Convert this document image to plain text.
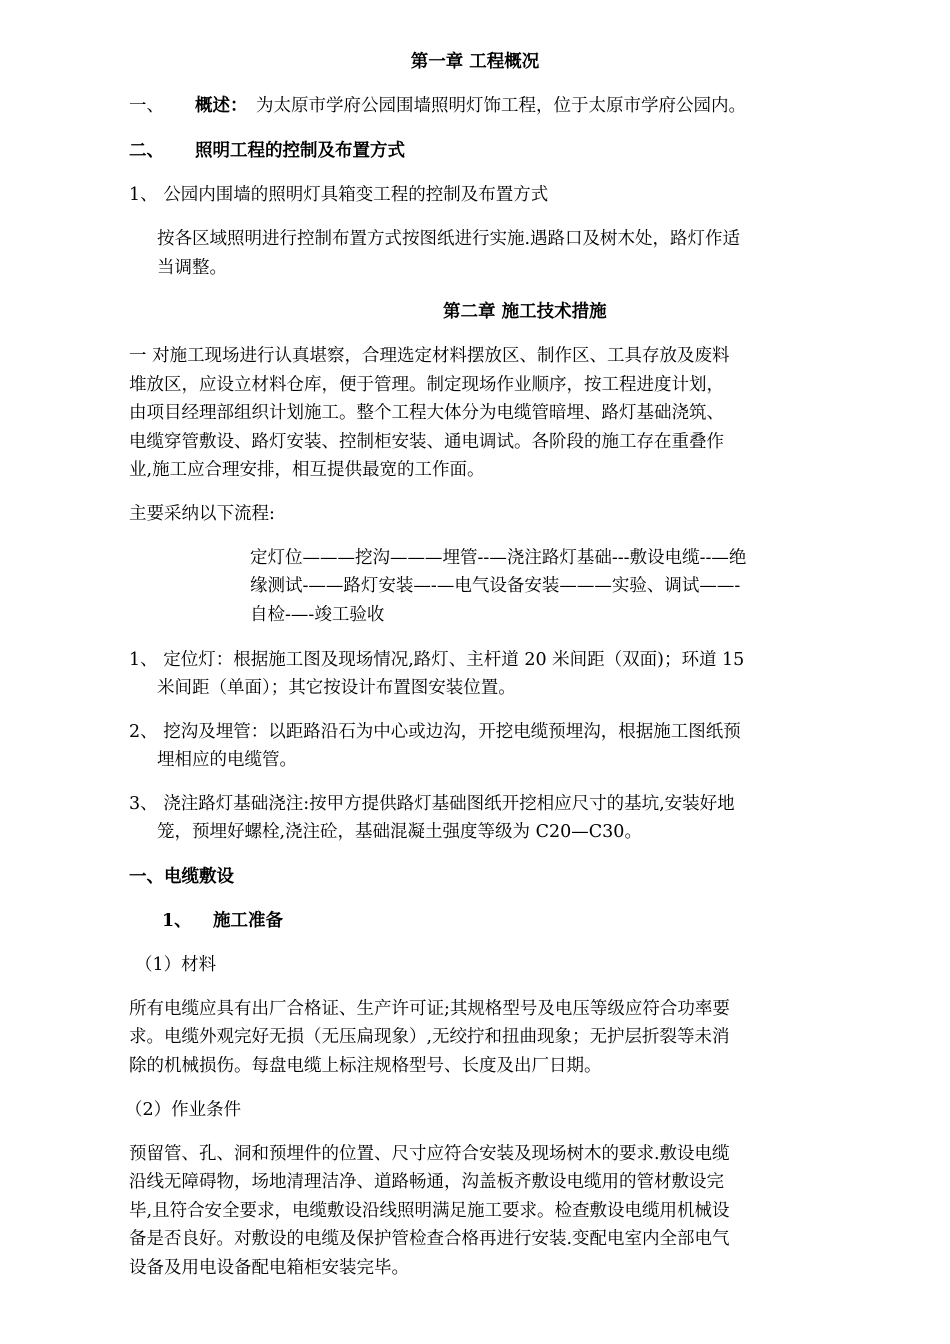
第一章 工程概况
一、 概述： 为太原市学府公园围墙照明灯饰工程，位于太原市学府公园内。
二、 照明工程的控制及布置方式
1、 公园内围墙的照明灯具箱变工程的控制及布置方式
按各区域照明进行控制布置方式按图纸进行实施.遇路口及树木处，路灯作适
当调整。
第二章 施工技术措施
一 对施工现场进行认真堪察，合理选定材料摆放区、制作区、工具存放及废料
堆放区，应设立材料仓库，便于管理。制定现场作业顺序，按工程进度计划，
由项目经理部组织计划施工。整个工程大体分为电缆管暗埋、路灯基础浇筑、
电缆穿管敷设、路灯安装、控制柜安装、通电调试。各阶段的施工存在重叠作
业,施工应合理安排，相互提供最宽的工作面。
主要采纳以下流程:
定灯位———挖沟———埋管--—浇注路灯基础---敷设电缆--—绝
缘测试-——路灯安装—-—电气设备安装———实验、调试——-
自检-—-竣工验收
1、 定位灯：根据施工图及现场情况,路灯、主杆道 20 米间距（双面)；环道 15
米间距（单面）；其它按设计布置图安装位置。
2、 挖沟及埋管：以距路沿石为中心或边沟，开挖电缆预埋沟，根据施工图纸预
埋相应的电缆管。
3、 浇注路灯基础浇注:按甲方提供路灯基础图纸开挖相应尺寸的基坑,安装好地
笼，预埋好螺栓,浇注砼，基础混凝土强度等级为 C20—C30。
一、电缆敷设
1、 施工准备
（1）材料
所有电缆应具有出厂合格证、生产许可证;其规格型号及电压等级应符合功率要
求。电缆外观完好无损（无压扁现象）,无绞拧和扭曲现象；无护层折裂等未消
除的机械损伤。每盘电缆上标注规格型号、长度及出厂日期。
（2）作业条件
预留管、孔、洞和预埋件的位置、尺寸应符合安装及现场树木的要求.敷设电缆
沿线无障碍物，场地清理洁净、道路畅通，沟盖板齐敷设电缆用的管材敷设完
毕,且符合安全要求，电缆敷设沿线照明满足施工要求。检查敷设电缆用机械设
备是否良好。对敷设的电缆及保护管检查合格再进行安装.变配电室内全部电气
设备及用电设备配电箱柜安装完毕。
